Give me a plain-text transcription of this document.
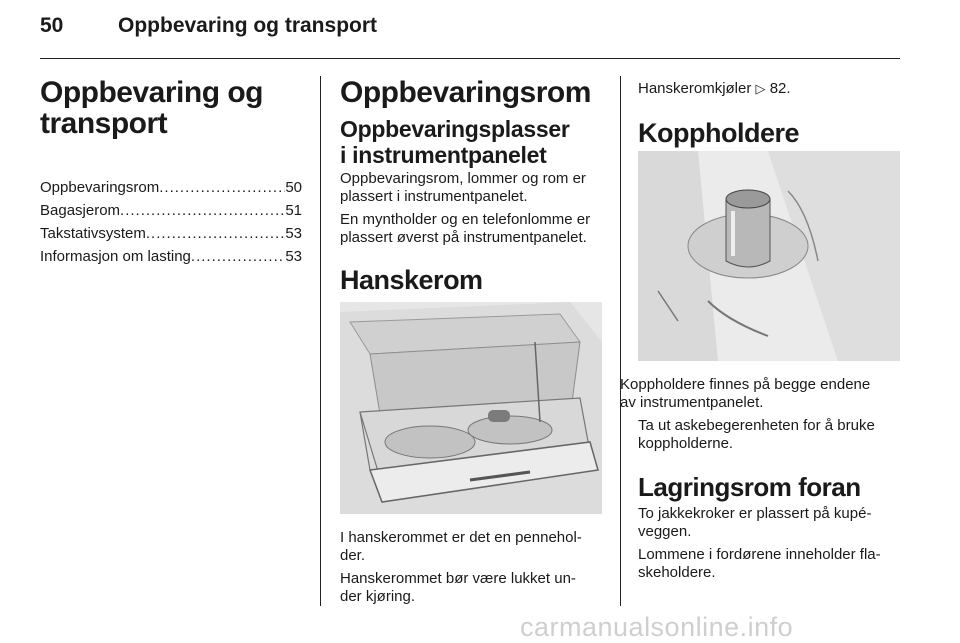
50	Oppbevaring og transport
Oppbevaring og
transport
Oppbevaringsrom .....	50
Bagasjerom .....	51
Takstativsystem .....	53
Informasjon om lasting .....	53
Oppbevaringsrom
Oppbevaringsplasser
i instrumentpanelet
Oppbevaringsrom, lommer og rom er
plassert i instrumentpanelet.
En myntholder og en telefonlomme er
plassert øverst på instrumentpanelet.
Hanskerom
I hanskerommet er det en pennehol-
der.
Hanskerommet bør være lukket un-
der kjøring.
Hanskeromkjøler ▷ 82.
Koppholdere
Koppholdere finnes på begge endene
av instrumentpanelet.
Ta ut askebegerenheten for å bruke
koppholderne.
Lagringsrom foran
To jakkekroker er plassert på kupé-
veggen.
Lommene i fordørene inneholder fla-
skeholdere.
carmanualsonline.info
